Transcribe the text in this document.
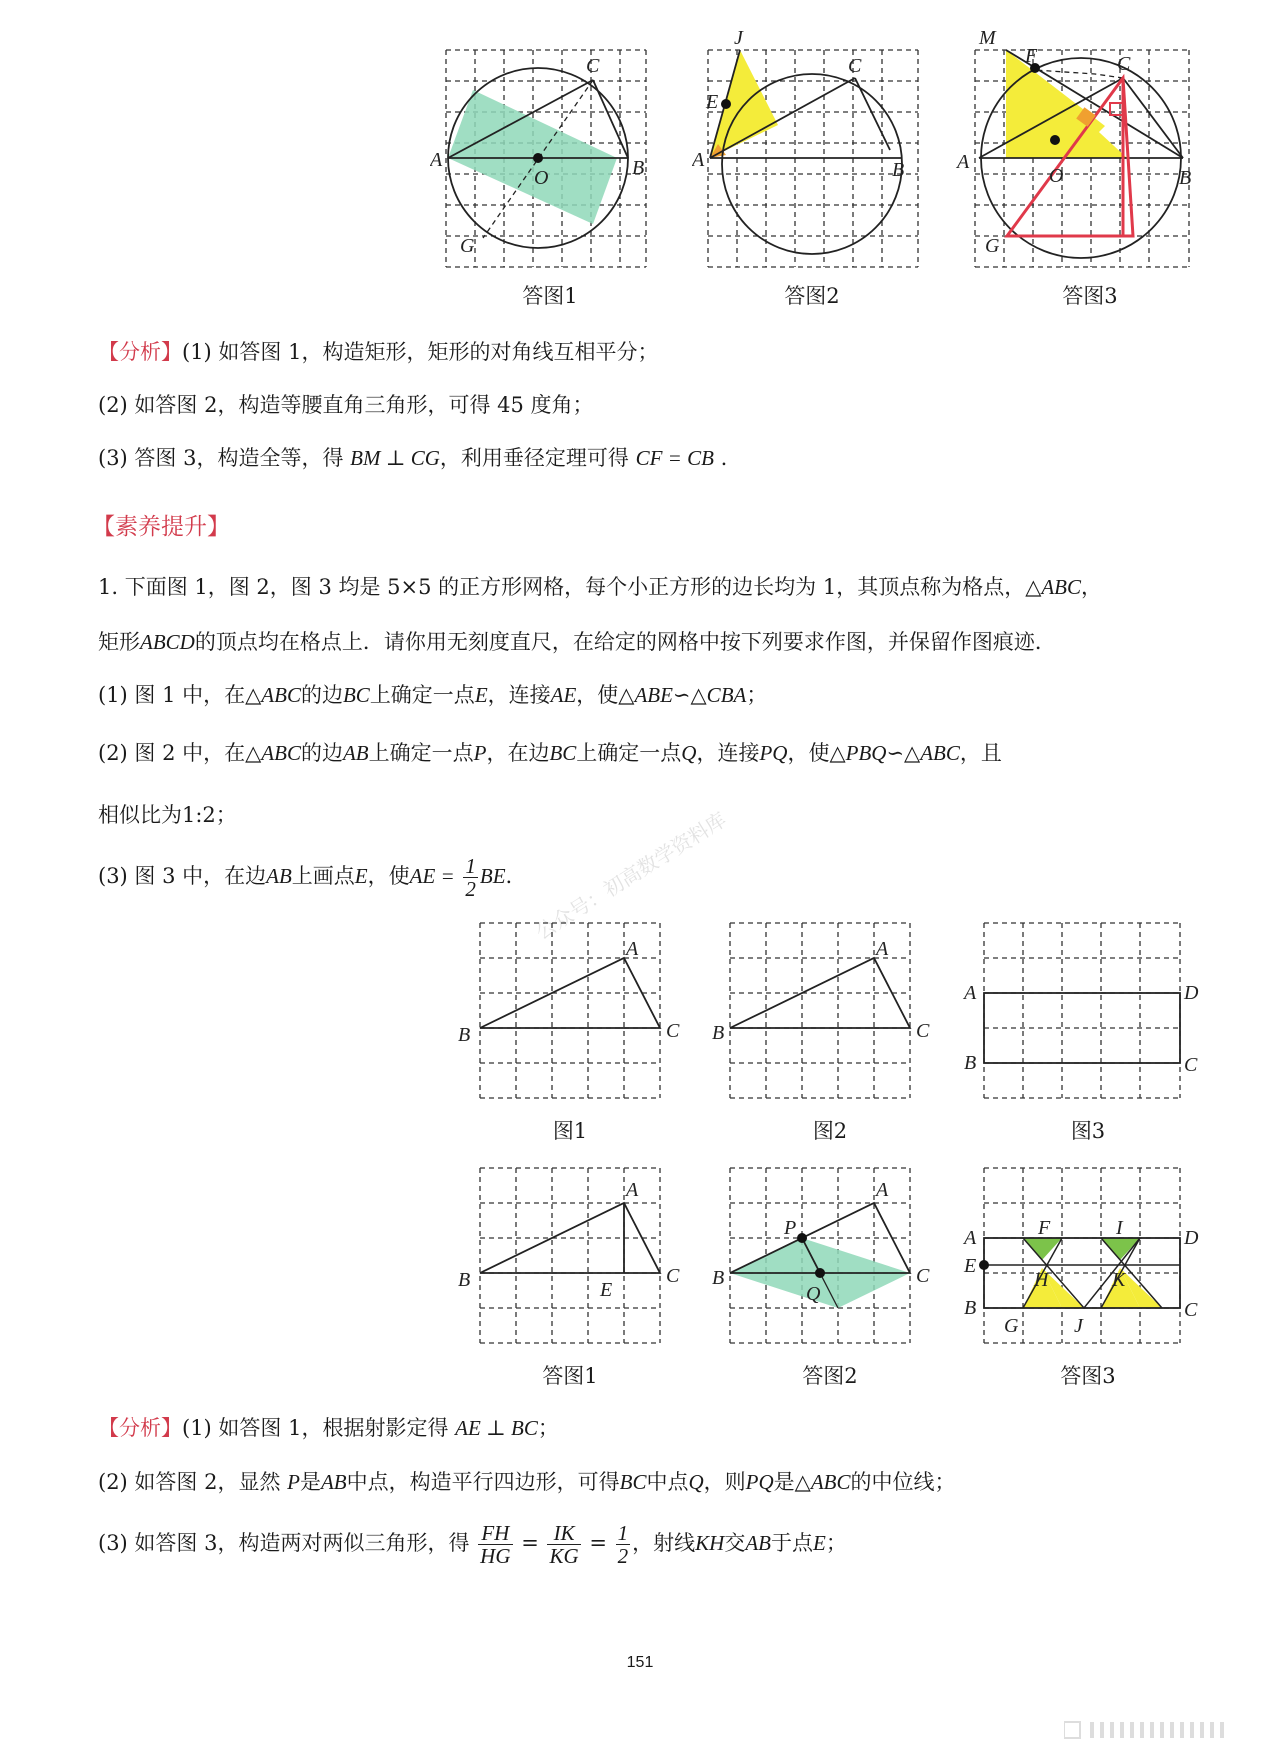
A	B
C
O
G
答图1
A	B
C
J
E
答图2
A
B
C
O
G
M
F
答图3
【分析】(1) 如答图 1，构造矩形，矩形的对角线互相平分；
(2) 如答图 2，构造等腰直角三角形，可得 45 度角；
(3) 答图 3，构造全等，得 BM ⊥ CG，利用垂径定理可得 CF = CB .
【素养提升】
1. 下面图 1，图 2，图 3 均是 5×5 的正方形网格，每个小正方形的边长均为 1，其顶点称为格点，△ABC，
矩形ABCD的顶点均在格点上．请你用无刻度直尺，在给定的网格中按下列要求作图，并保留作图痕迹．
(1) 图 1 中，在△ABC的边BC上确定一点E，连接AE，使△ABE∽△CBA；
(2) 图 2 中，在△ABC的边AB上确定一点P，在边BC上确定一点Q，连接PQ，使△PBQ∽△ABC，且
相似比为1:2；
(3) 图 3 中，在边AB上画点E，使AE = $\frac{1}{2}$ BE. 公众号：初高数学资料库
A
B	C
图1
A
B	C
图2
A
B	C
D
图3
A
B	C
E
答图1
A
B	C
P
Q
答图2
A
E
B	C
D
F	I
H	K
G	J
答图3
【分析】(1) 如答图 1，根据射影定得 AE ⊥ BC；
(2) 如答图 2，显然 P是AB中点，构造平行四边形，可得BC中点Q，则PQ是△ABC的中位线；
(3) 如答图 3，构造两对两似三角形，得 $\frac{FH}{HG} = \frac{IK}{KG} = \frac{1}{2}$ ，射线KH交AB于点E；
151
